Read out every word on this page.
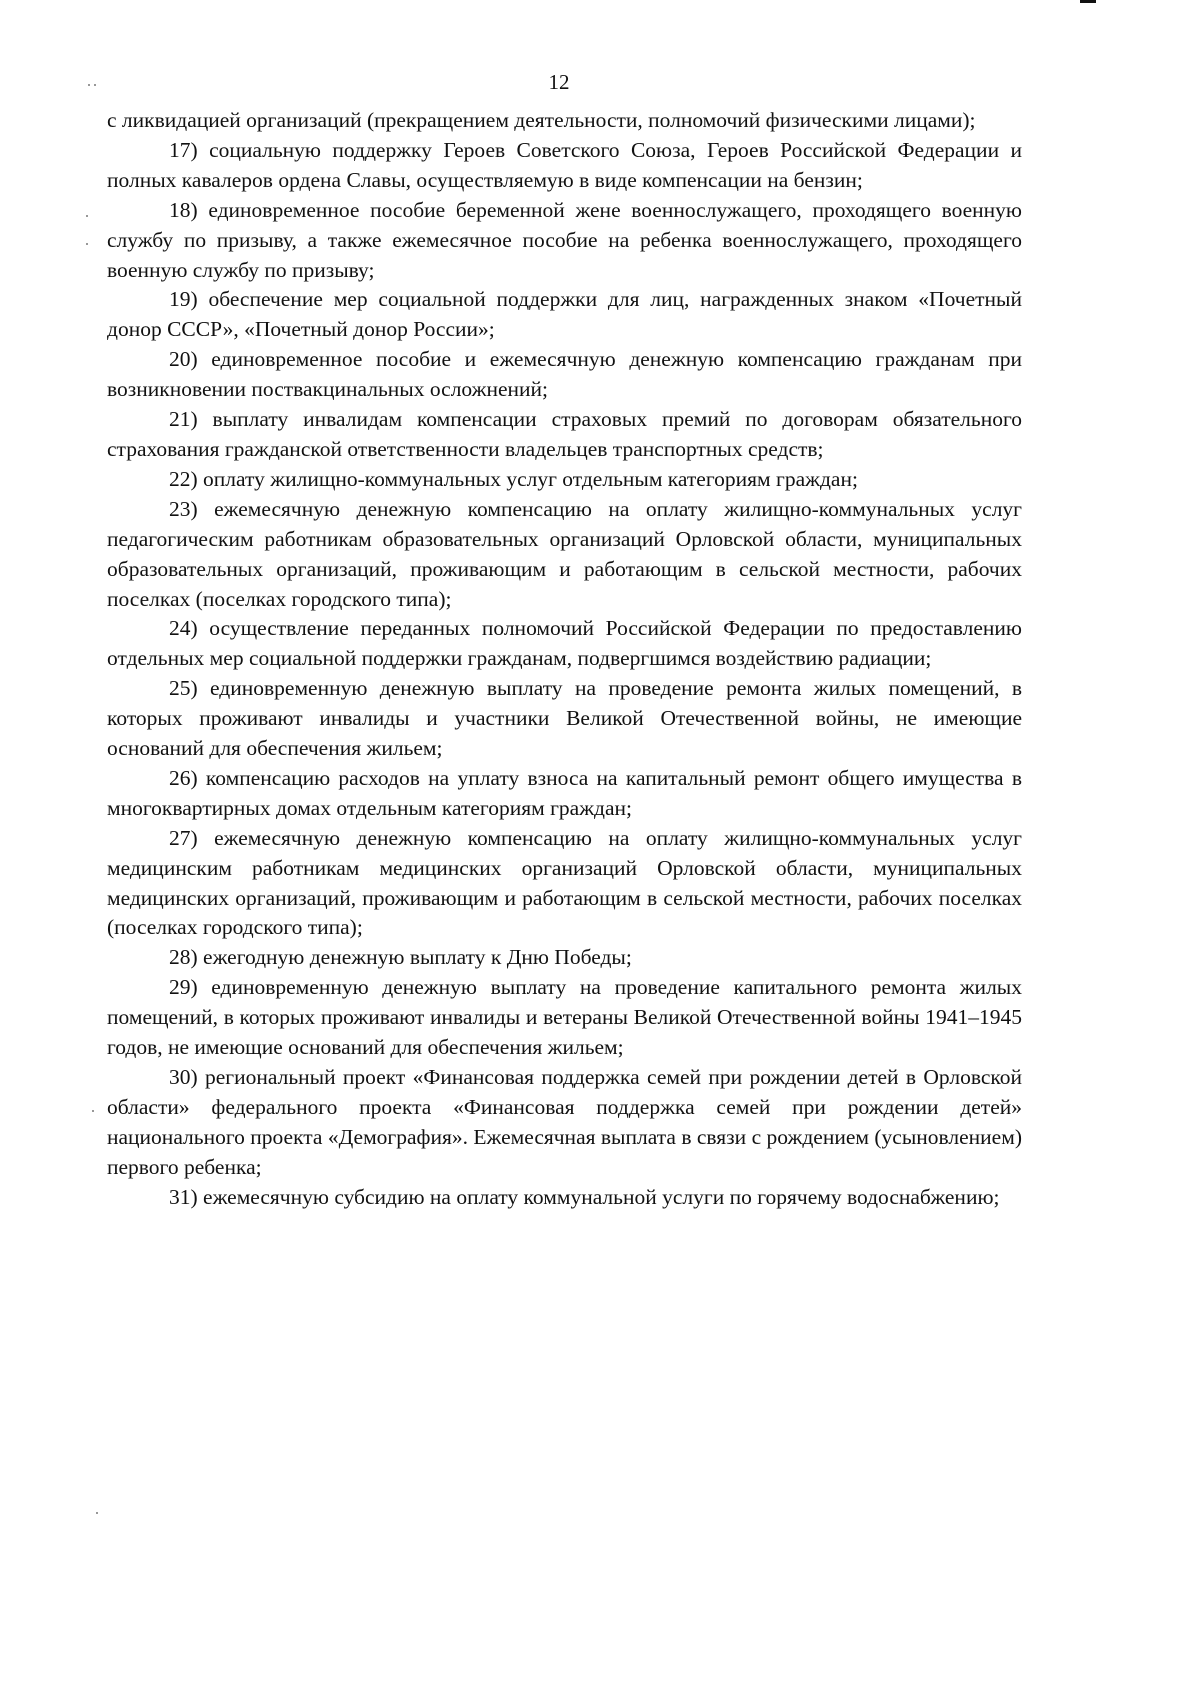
12

с ликвидацией организаций (прекращением деятельности, полномочий физическими лицами);

17) социальную поддержку Героев Советского Союза, Героев Российской Федерации и полных кавалеров ордена Славы, осуществляемую в виде компенсации на бензин;

18) единовременное пособие беременной жене военнослужащего, проходящего военную службу по призыву, а также ежемесячное пособие на ребенка военнослужащего, проходящего военную службу по призыву;

19) обеспечение мер социальной поддержки для лиц, награжденных знаком «Почетный донор СССР», «Почетный донор России»;

20) единовременное пособие и ежемесячную денежную компенсацию гражданам при возникновении поствакцинальных осложнений;

21) выплату инвалидам компенсации страховых премий по договорам обязательного страхования гражданской ответственности владельцев транспортных средств;

22) оплату жилищно-коммунальных услуг отдельным категориям граждан;

23) ежемесячную денежную компенсацию на оплату жилищно-коммунальных услуг педагогическим работникам образовательных организаций Орловской области, муниципальных образовательных организаций, проживающим и работающим в сельской местности, рабочих поселках (поселках городского типа);

24) осуществление переданных полномочий Российской Федерации по предоставлению отдельных мер социальной поддержки гражданам, подвергшимся воздействию радиации;

25) единовременную денежную выплату на проведение ремонта жилых помещений, в которых проживают инвалиды и участники Великой Отечественной войны, не имеющие оснований для обеспечения жильем;

26) компенсацию расходов на уплату взноса на капитальный ремонт общего имущества в многоквартирных домах отдельным категориям граждан;

27) ежемесячную денежную компенсацию на оплату жилищно-коммунальных услуг медицинским работникам медицинских организаций Орловской области, муниципальных медицинских организаций, проживающим и работающим в сельской местности, рабочих поселках (поселках городского типа);

28) ежегодную денежную выплату к Дню Победы;

29) единовременную денежную выплату на проведение капитального ремонта жилых помещений, в которых проживают инвалиды и ветераны Великой Отечественной войны 1941–1945 годов, не имеющие оснований для обеспечения жильем;

30) региональный проект «Финансовая поддержка семей при рождении детей в Орловской области» федерального проекта «Финансовая поддержка семей при рождении детей» национального проекта «Демография». Ежемесячная выплата в связи с рождением (усыновлением) первого ребенка;

31) ежемесячную субсидию на оплату коммунальной услуги по горячему водоснабжению;
